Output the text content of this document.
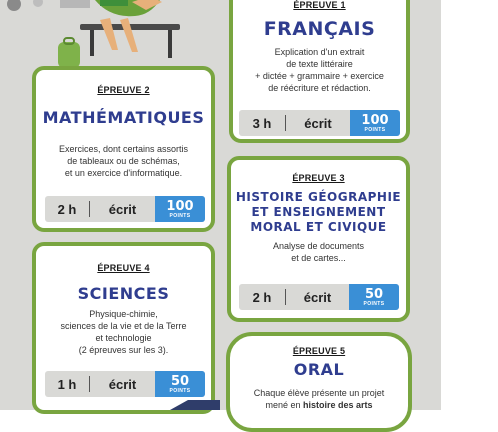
ÉPREUVE 1
FRANÇAIS
Explication d'un extrait
de texte littéraire
+ dictée + grammaire + exercice
de réécriture et rédaction.
3 h	écrit	100
POINTS
ÉPREUVE 2
MATHÉMATIQUES
Exercices, dont certains assortis
de tableaux ou de schémas,
et un exercice d'informatique.
2 h	écrit	100
POINTS
ÉPREUVE 3
HISTOIRE GÉOGRAPHIE
ET ENSEIGNEMENT
MORAL ET CIVIQUE
Analyse de documents
et de cartes...
2 h	écrit	50
POINTS
ÉPREUVE 4
SCIENCES
Physique-chimie,
sciences de la vie et de la Terre
et technologie
(2 épreuves sur les 3).
1 h	écrit	50
POINTS
ÉPREUVE 5
ORAL
Chaque élève présente un projet
mené en histoire des arts
